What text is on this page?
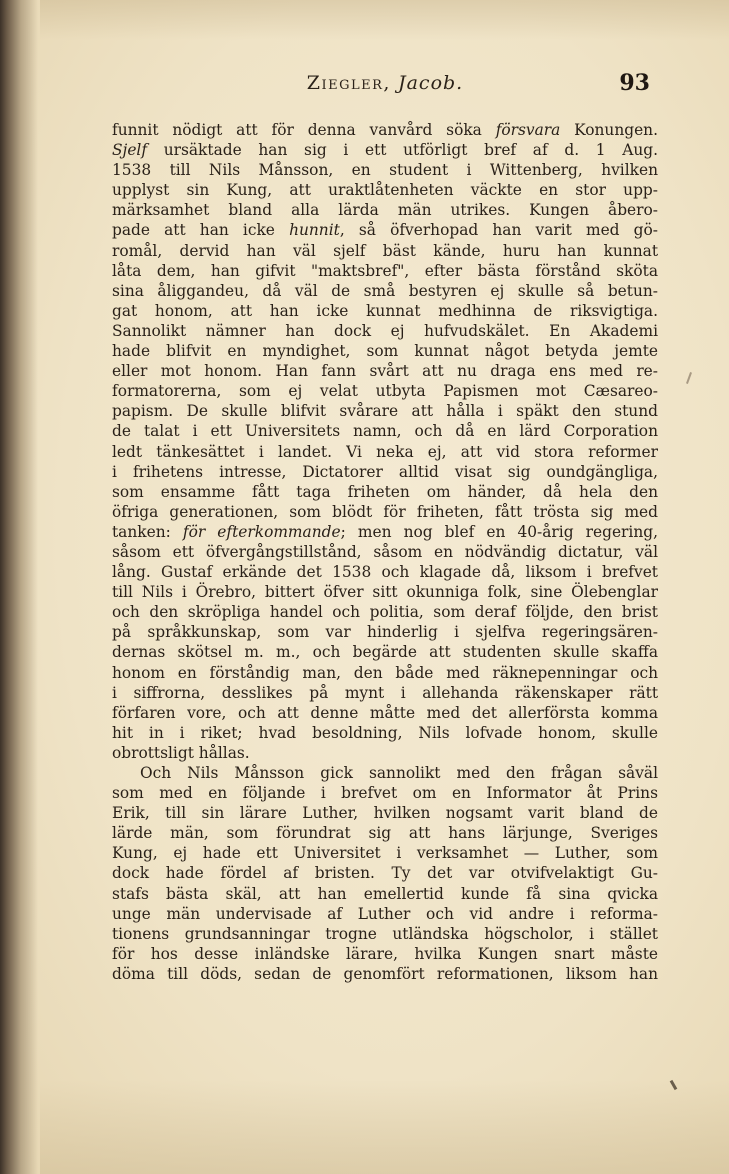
Ziegler, Jacob.	93
funnit nödigt att för denna vanvård söka försvara Konungen.
Sjelf ursäktade han sig i ett utförligt bref af d. 1 Aug.
1538 till Nils Månsson, en student i Wittenberg, hvilken
upplyst sin Kung, att uraktlåtenheten väckte en stor upp-
märksamhet bland alla lärda män utrikes. Kungen åbero-
pade att han icke hunnit, så öfverhopad han varit med gö-
romål, dervid han väl sjelf bäst kände, huru han kunnat
låta dem, han gifvit "maktsbref", efter bästa förstånd sköta
sina åliggandeu, då väl de små bestyren ej skulle så betun-
gat honom, att han icke kunnat medhinna de riksvigtiga.
Sannolikt nämner han dock ej hufvudskälet. En Akademi
hade blifvit en myndighet, som kunnat något betyda jemte
eller mot honom. Han fann svårt att nu draga ens med re-
formatorerna, som ej velat utbyta Papismen mot Cæsareo-
papism. De skulle blifvit svårare att hålla i späkt den stund
de talat i ett Universitets namn, och då en lärd Corporation
ledt tänkesättet i landet. Vi neka ej, att vid stora reformer
i frihetens intresse, Dictatorer alltid visat sig oundgängliga,
som ensamme fått taga friheten om händer, då hela den
öfriga generationen, som blödt för friheten, fått trösta sig med
tanken: för efterkommande; men nog blef en 40-årig regering,
såsom ett öfvergångstillstånd, såsom en nödvändig dictatur, väl
lång. Gustaf erkände det 1538 och klagade då, liksom i brefvet
till Nils i Örebro, bittert öfver sitt okunniga folk, sine Ölebenglar
och den skröpliga handel och politia, som deraf följde, den brist
på språkkunskap, som var hinderlig i sjelfva regeringsären-
dernas skötsel m. m., och begärde att studenten skulle skaffa
honom en förståndig man, den både med räknepenningar och
i siffrorna, desslikes på mynt i allehanda räkenskaper rätt
förfaren vore, och att denne måtte med det allerförsta komma
hit in i riket; hvad besoldning, Nils lofvade honom, skulle
obrottsligt hållas.
Och Nils Månsson gick sannolikt med den frågan såväl
som med en följande i brefvet om en Informator åt Prins
Erik, till sin lärare Luther, hvilken nogsamt varit bland de
lärde män, som förundrat sig att hans lärjunge, Sveriges
Kung, ej hade ett Universitet i verksamhet — Luther, som
dock hade fördel af bristen. Ty det var otvifvelaktigt Gu-
stafs bästa skäl, att han emellertid kunde få sina qvicka
unge män undervisade af Luther och vid andre i reforma-
tionens grundsanningar trogne utländska högscholor, i stället
för hos desse inländske lärare, hvilka Kungen snart måste
döma till döds, sedan de genomfört reformationen, liksom han
